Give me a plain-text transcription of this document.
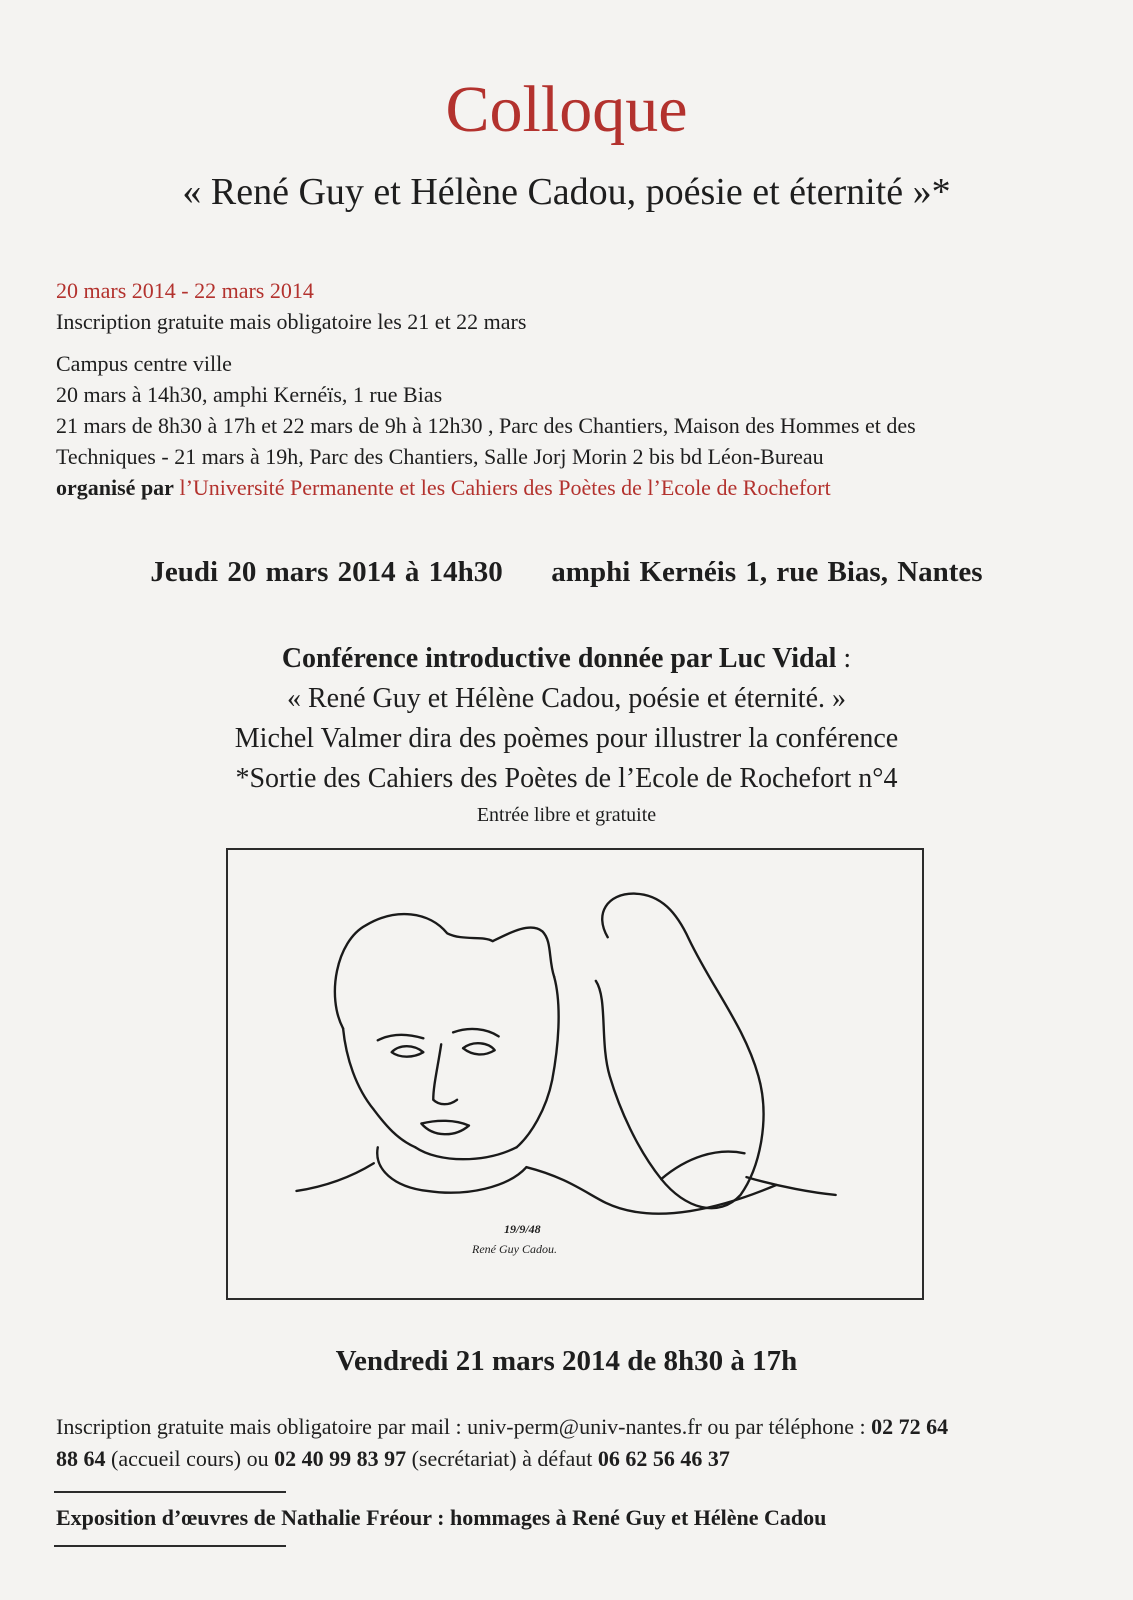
Colloque
« René Guy et Hélène Cadou, poésie et éternité »*
20 mars 2014 - 22 mars 2014
Inscription gratuite mais obligatoire les 21 et 22 mars
Campus centre ville
20 mars à 14h30, amphi Kernéïs, 1 rue Bias
21 mars de 8h30 à 17h et 22 mars de 9h à 12h30 , Parc des Chantiers, Maison des Hommes et des
Techniques - 21 mars à 19h, Parc des Chantiers, Salle Jorj Morin 2 bis bd Léon-Bureau
organisé par l’Université Permanente et les Cahiers des Poètes de l’Ecole de Rochefort
Jeudi 20 mars 2014 à 14h30 amphi Kernéis 1, rue Bias, Nantes
Conférence introductive donnée par Luc Vidal :
« René Guy et Hélène Cadou, poésie et éternité. »
Michel Valmer dira des poèmes pour illustrer la conférence
*Sortie des Cahiers des Poètes de l’Ecole de Rochefort n°4
Entrée libre et gratuite
19/9/48
René Guy Cadou.
Vendredi 21 mars 2014 de 8h30 à 17h
Inscription gratuite mais obligatoire par mail : univ-perm@univ-nantes.fr ou par téléphone : 02 72 64
88 64 (accueil cours) ou 02 40 99 83 97 (secrétariat) à défaut 06 62 56 46 37
Exposition d’œuvres de Nathalie Fréour : hommages à René Guy et Hélène Cadou
